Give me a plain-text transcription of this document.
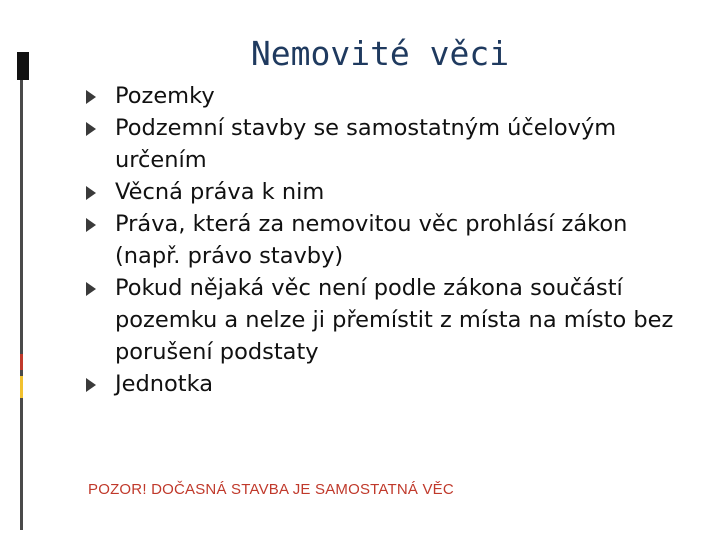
Nemovité věci
Pozemky
Podzemní stavby se samostatným účelovým určením
Věcná práva k nim
Práva, která za nemovitou věc prohlásí zákon (např. právo stavby)
Pokud nějaká věc není podle zákona součástí pozemku a nelze ji přemístit z místa na místo bez porušení podstaty
Jednotka
POZOR! DOČASNÁ STAVBA JE SAMOSTATNÁ VĚC
